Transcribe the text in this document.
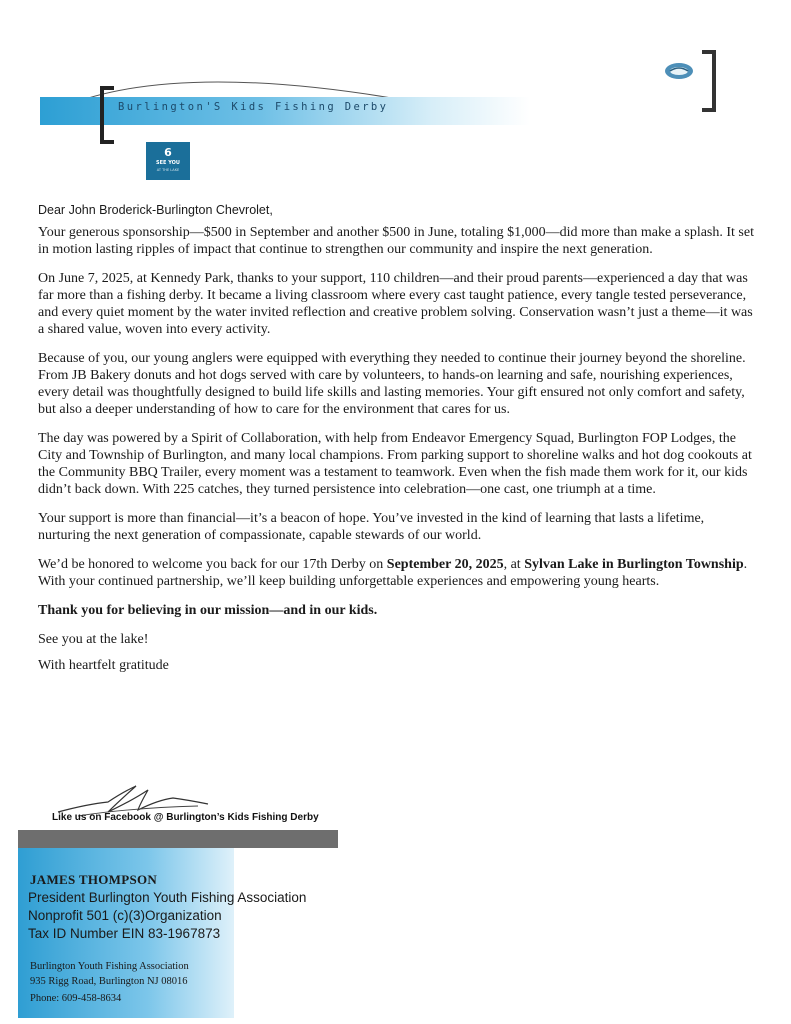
Burlington'S Kids Fishing Derby
6
SEE YOU
AT THE LAKE
Dear John Broderick-Burlington Chevrolet,

Your generous sponsorship—$500 in September and another $500 in June, totaling $1,000—did more than make a splash. It set in motion lasting ripples of impact that continue to strengthen our community and inspire the next generation.

On June 7, 2025, at Kennedy Park, thanks to your support, 110 children—and their proud parents—experienced a day that was far more than a fishing derby. It became a living classroom where every cast taught patience, every tangle tested perseverance, and every quiet moment by the water invited reflection and creative problem solving. Conservation wasn’t just a theme—it was a shared value, woven into every activity.

Because of you, our young anglers were equipped with everything they needed to continue their journey beyond the shoreline. From JB Bakery donuts and hot dogs served with care by volunteers, to hands-on learning and safe, nourishing experiences, every detail was thoughtfully designed to build life skills and lasting memories. Your gift ensured not only comfort and safety, but also a deeper understanding of how to care for the environment that cares for us.

The day was powered by a Spirit of Collaboration, with help from Endeavor Emergency Squad, Burlington FOP Lodges, the City and Township of Burlington, and many local champions. From parking support to shoreline walks and hot dog cookouts at the Community BBQ Trailer, every moment was a testament to teamwork. Even when the fish made them work for it, our kids didn’t back down. With 225 catches, they turned persistence into celebration—one cast, one triumph at a time.

Your support is more than financial—it’s a beacon of hope. You’ve invested in the kind of learning that lasts a lifetime, nurturing the next generation of compassionate, capable stewards of our world.

We’d be honored to welcome you back for our 17th Derby on September 20, 2025, at Sylvan Lake in Burlington Township. With your continued partnership, we’ll keep building unforgettable experiences and empowering young hearts.

Thank you for believing in our mission—and in our kids.

See you at the lake!

With heartfelt gratitude

Like us on Facebook @ Burlington’s Kids Fishing Derby
JAMES THOMPSON
President Burlington Youth Fishing Association
Nonprofit 501 (c)(3)Organization
Tax ID Number EIN 83-1967873
Burlington Youth Fishing Association
935 Rigg Road, Burlington NJ 08016
Phone: 609-458-8634
